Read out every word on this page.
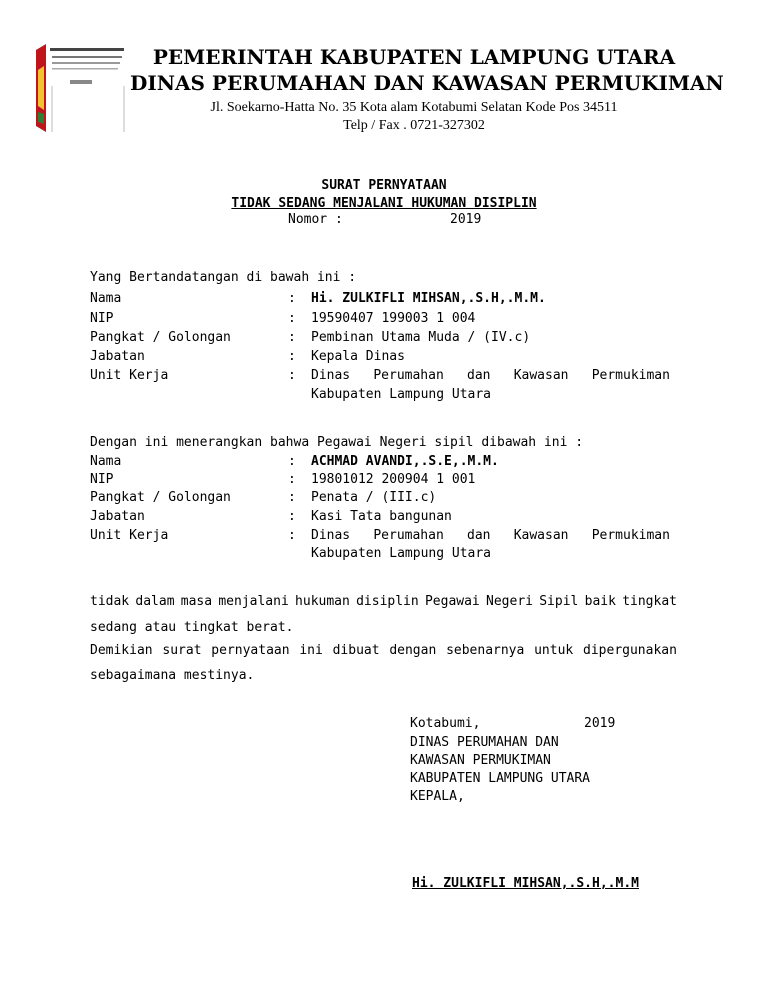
PEMERINTAH KABUPATEN LAMPUNG UTARA
DINAS PERUMAHAN DAN KAWASAN PERMUKIMAN
Jl. Soekarno-Hatta No. 35 Kota alam Kotabumi Selatan Kode Pos 34511
Telp / Fax . 0721-327302
SURAT PERNYATAAN
TIDAK SEDANG MENJALANI HUKUMAN DISIPLIN
Nomor :	2019
Yang Bertandatangan di bawah ini :
Nama	: Hi. ZULKIFLI MIHSAN,.S.H,.M.M.
NIP	: 19590407 199003 1 004
Pangkat / Golongan	: Pembinan Utama Muda / (IV.c)
Jabatan	: Kepala Dinas
Unit Kerja	: Dinas Perumahan dan Kawasan Permukiman
Kabupaten Lampung Utara
Dengan ini menerangkan bahwa Pegawai Negeri sipil dibawah ini :
Nama	: ACHMAD AVANDI,.S.E,.M.M.
NIP	: 19801012 200904 1 001
Pangkat / Golongan	: Penata / (III.c)
Jabatan	: Kasi Tata bangunan
Unit Kerja	: Dinas Perumahan dan Kawasan Permukiman
Kabupaten Lampung Utara
tidak dalam masa menjalani hukuman disiplin Pegawai Negeri Sipil baik tingkat
sedang atau tingkat berat.
Demikian surat pernyataan ini dibuat dengan sebenarnya untuk dipergunakan
sebagaimana mestinya.
Kotabumi,	2019
DINAS PERUMAHAN DAN
KAWASAN PERMUKIMAN
KABUPATEN LAMPUNG UTARA
KEPALA,
Hi. ZULKIFLI MIHSAN,.S.H,.M.M
